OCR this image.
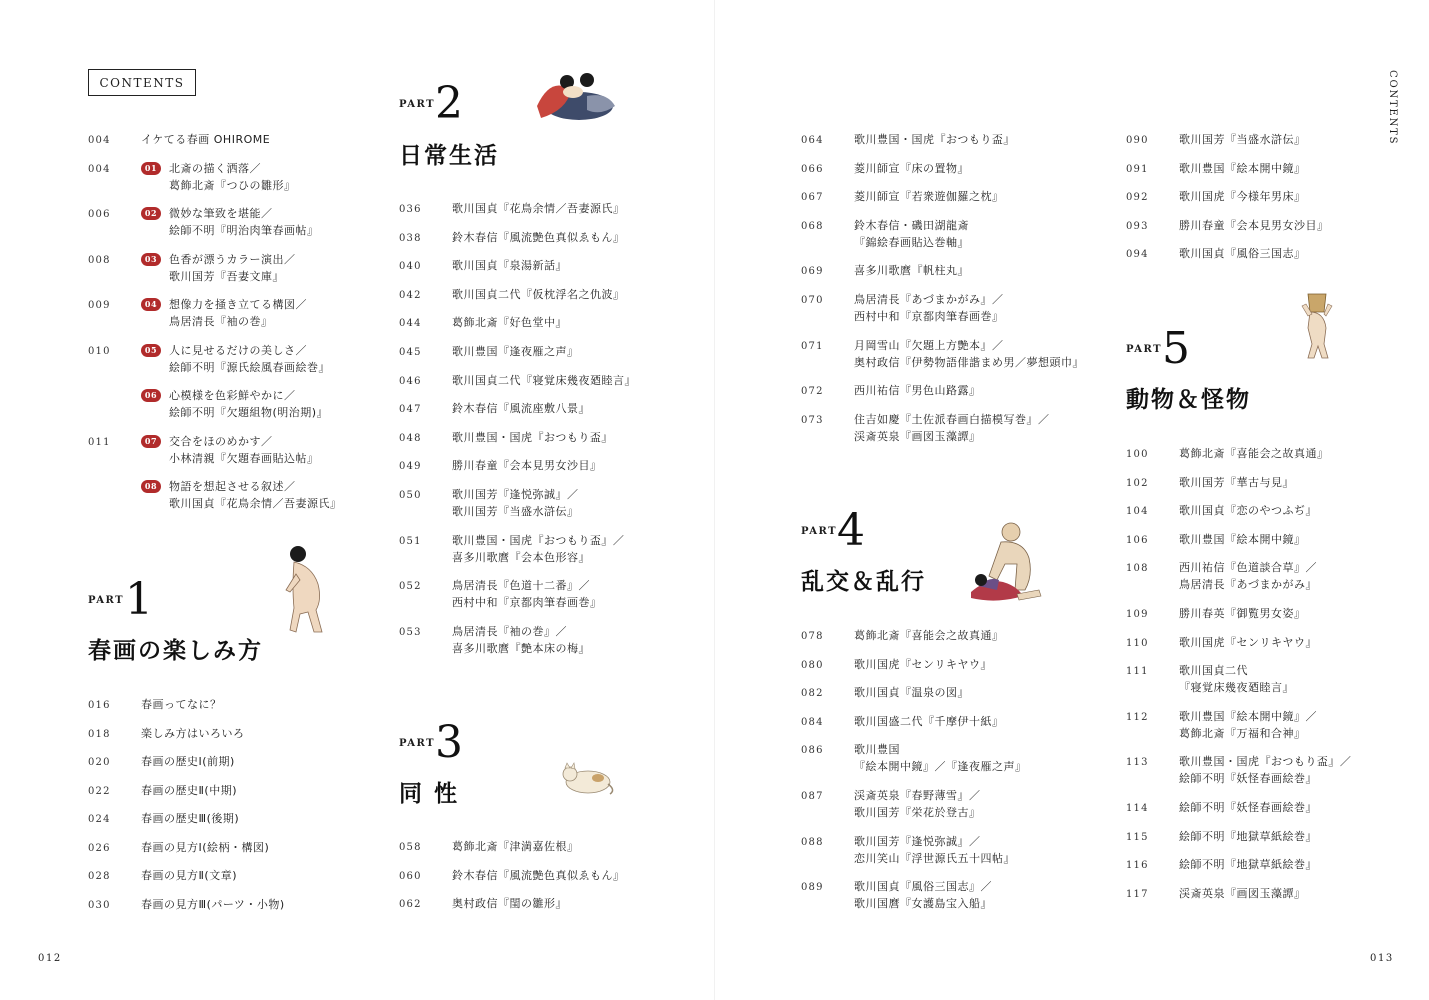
CONTENTS	CONTENTS
012	013
004	イケてる春画 OHIROME
004	01 北斎の描く洒落／
葛飾北斎『つひの雛形』
006	02 微妙な筆致を堪能／
絵師不明『明治肉筆春画帖』
008	03 色香が漂うカラー演出／
歌川国芳『吾妻文庫』
009	04 想像力を掻き立てる構図／
鳥居清長『袖の巻』
010	05 人に見せるだけの美しさ／
絵師不明『源氏絵風春画絵巻』
06 心模様を色彩鮮やかに／
絵師不明『欠題組物(明治期)』
011	07 交合をほのめかす／
小林清親『欠題春画貼込帖』
08 物語を想起させる叙述／
歌川国貞『花鳥余情／吾妻源氏』
PART 1
春画の楽しみ方
016	春画ってなに？
018	楽しみ方はいろいろ
020	春画の歴史Ⅰ(前期)
022	春画の歴史Ⅱ(中期)
024	春画の歴史Ⅲ(後期)
026	春画の見方Ⅰ(絵柄・構図)
028	春画の見方Ⅱ(文章)
030	春画の見方Ⅲ(パーツ・小物)
PART 2
日常生活
036	歌川国貞『花鳥余情／吾妻源氏』
038	鈴木春信『風流艶色真似ゑもん』
040	歌川国貞『泉湯新話』
042	歌川国貞二代『仮枕浮名之仇波』
044	葛飾北斎『好色堂中』
045	歌川豊国『逢夜雁之声』
046	歌川国貞二代『寝覚床幾夜廼睦言』
047	鈴木春信『風流座敷八景』
048	歌川豊国・国虎『おつもり盃』
049	勝川春童『会本見男女沙目』
050	歌川国芳『逢悦弥誠』／
歌川国芳『当盛水滸伝』
051	歌川豊国・国虎『おつもり盃』／
喜多川歌麿『会本色形容』
052	鳥居清長『色道十二番』／
西村中和『京都肉筆春画巻』
053	鳥居清長『袖の巻』／
喜多川歌麿『艶本床の梅』
PART 3
同 性
058	葛飾北斎『津満嘉佐根』
060	鈴木春信『風流艶色真似ゑもん』
062	奥村政信『閨の雛形』
064	歌川豊国・国虎『おつもり盃』
066	菱川師宣『床の置物』
067	菱川師宣『若衆遊伽羅之枕』
068	鈴木春信・磯田湖龍斎
『錦絵春画貼込巻軸』
069	喜多川歌麿『帆柱丸』
070	鳥居清長『あづまかがみ』／
西村中和『京都肉筆春画巻』
071	月岡雪山『欠題上方艶本』／
奥村政信『伊勢物語俳諧まめ男／夢想頭巾』
072	西川祐信『男色山路露』
073	住吉如慶『土佐派春画白描模写巻』／
渓斎英泉『画図玉藻譚』
PART 4
乱交＆乱行
078	葛飾北斎『喜能会之故真通』
080	歌川国虎『センリキヤウ』
082	歌川国貞『温泉の図』
084	歌川国盛二代『千摩伊十紙』
086	歌川豊国
『絵本開中鏡』／『逢夜雁之声』
087	渓斎英泉『春野薄雪』／
歌川国芳『栄花於登古』
088	歌川国芳『逢悦弥誠』／
恋川笑山『浮世源氏五十四帖』
089	歌川国貞『風俗三国志』／
歌川国麿『女護島宝入船』
090	歌川国芳『当盛水滸伝』
091	歌川豊国『絵本開中鏡』
092	歌川国虎『今様年男床』
093	勝川春童『会本見男女沙目』
094	歌川国貞『風俗三国志』
PART 5
動物＆怪物
100	葛飾北斎『喜能会之故真通』
102	歌川国芳『華古与見』
104	歌川国貞『恋のやつふぢ』
106	歌川豊国『絵本開中鏡』
108	西川祐信『色道談合草』／
鳥居清長『あづまかがみ』
109	勝川春英『御覧男女姿』
110	歌川国虎『センリキヤウ』
111	歌川国貞二代
『寝覚床幾夜廼睦言』
112	歌川豊国『絵本開中鏡』／
葛飾北斎『万福和合神』
113	歌川豊国・国虎『おつもり盃』／
絵師不明『妖怪春画絵巻』
114	絵師不明『妖怪春画絵巻』
115	絵師不明『地獄草紙絵巻』
116	絵師不明『地獄草紙絵巻』
117	渓斎英泉『画図玉藻譚』
